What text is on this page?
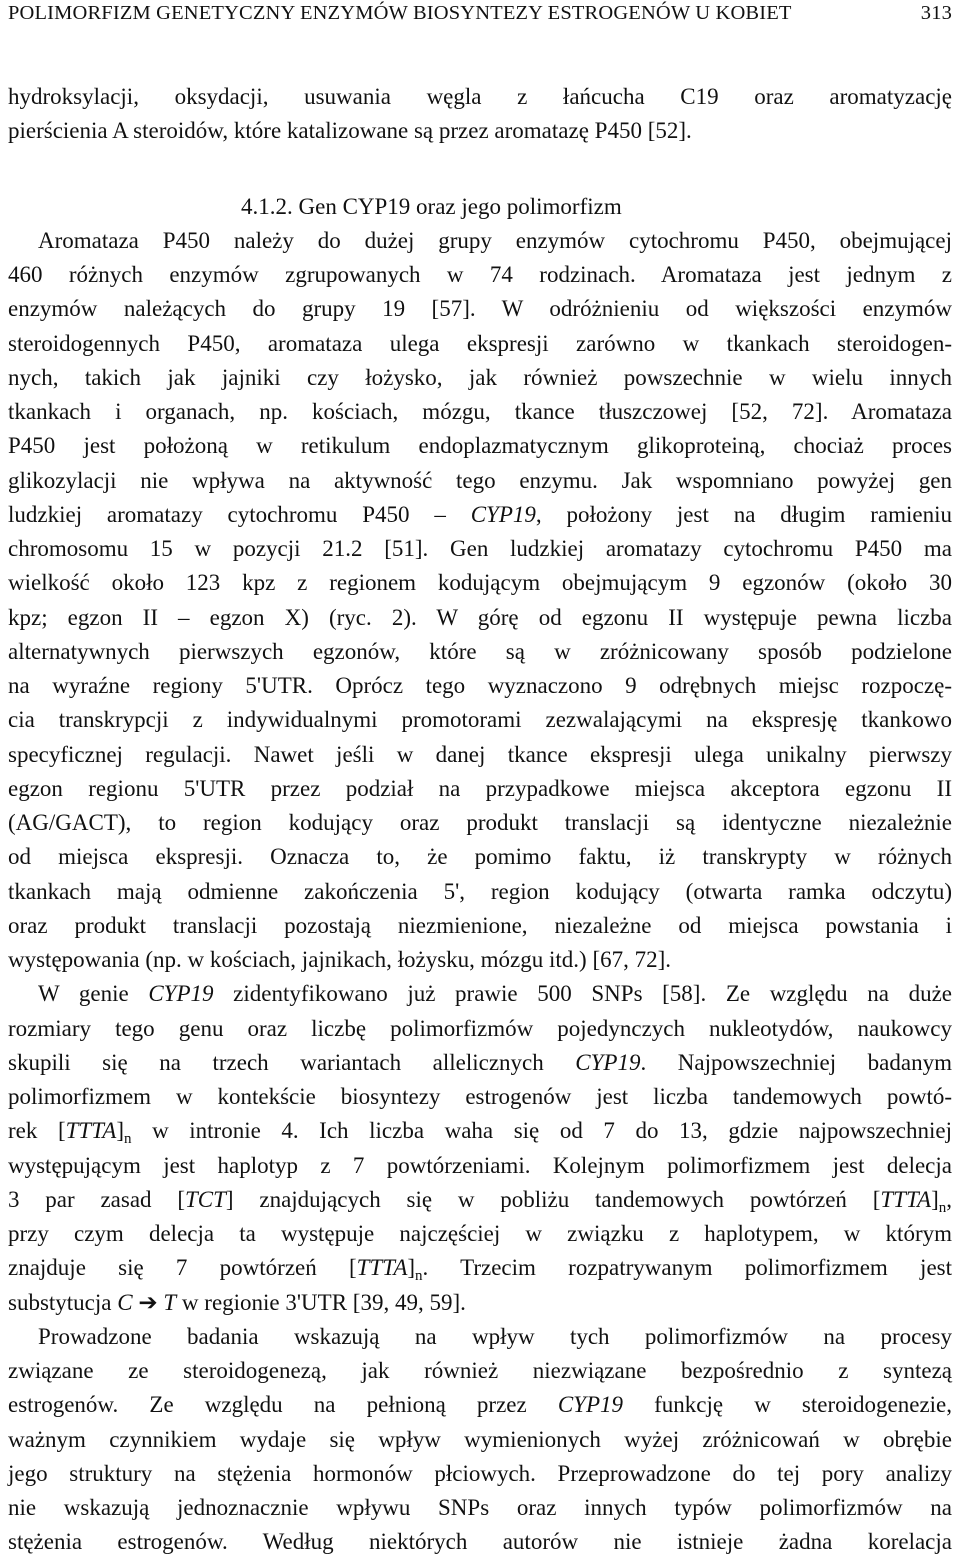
POLIMORFIZM GENETYCZNY ENZYMÓW BIOSYNTEZY ESTROGENÓW U KOBIET	313
hydroksylacji, oksydacji, usuwania węgla z łańcucha C19 oraz aromatyzację
pierścienia A steroidów, które katalizowane są przez aromatazę P450 [52].
4.1.2. Gen CYP19 oraz jego polimorfizm
Aromataza P450 należy do dużej grupy enzymów cytochromu P450, obejmującej
460 różnych enzymów zgrupowanych w 74 rodzinach. Aromataza jest jednym z
enzymów należących do grupy 19 [57]. W odróżnieniu od większości enzymów
steroidogennych P450, aromataza ulega ekspresji zarówno w tkankach steroidogen-
nych, takich jak jajniki czy łożysko, jak również powszechnie w wielu innych
tkankach i organach, np. kościach, mózgu, tkance tłuszczowej [52, 72]. Aromataza
P450 jest położoną w retikulum endoplazmatycznym glikoproteiną, chociaż proces
glikozylacji nie wpływa na aktywność tego enzymu. Jak wspomniano powyżej gen
ludzkiej aromatazy cytochromu P450 – CYP19, położony jest na długim ramieniu
chromosomu 15 w pozycji 21.2 [51]. Gen ludzkiej aromatazy cytochromu P450 ma
wielkość około 123 kpz z regionem kodującym obejmującym 9 egzonów (około 30
kpz; egzon II – egzon X) (ryc. 2). W górę od egzonu II występuje pewna liczba
alternatywnych pierwszych egzonów, które są w zróżnicowany sposób podzielone
na wyraźne regiony 5'UTR. Oprócz tego wyznaczono 9 odrębnych miejsc rozpoczę-
cia transkrypcji z indywidualnymi promotorami zezwalającymi na ekspresję tkankowo
specyficznej regulacji. Nawet jeśli w danej tkance ekspresji ulega unikalny pierwszy
egzon regionu 5'UTR przez podział na przypadkowe miejsca akceptora egzonu II
(AG/GACT), to region kodujący oraz produkt translacji są identyczne niezależnie
od miejsca ekspresji. Oznacza to, że pomimo faktu, iż transkrypty w różnych
tkankach mają odmienne zakończenia 5', region kodujący (otwarta ramka odczytu)
oraz produkt translacji pozostają niezmienione, niezależne od miejsca powstania i
występowania (np. w kościach, jajnikach, łożysku, mózgu itd.) [67, 72].
W genie CYP19 zidentyfikowano już prawie 500 SNPs [58]. Ze względu na duże
rozmiary tego genu oraz liczbę polimorfizmów pojedynczych nukleotydów, naukowcy
skupili się na trzech wariantach allelicznych CYP19. Najpowszechniej badanym
polimorfizmem w kontekście biosyntezy estrogenów jest liczba tandemowych powtó-
rek $[TTTA]_n$ w intronie 4. Ich liczba waha się od 7 do 13, gdzie najpowszechniej
występującym jest haplotyp z 7 powtórzeniami. Kolejnym polimorfizmem jest delecja
3 par zasad [TCT] znajdujących się w pobliżu tandemowych powtórzeń $[TTTA]_n$,
przy czym delecja ta występuje najczęściej w związku z haplotypem, w którym
znajduje się 7 powtórzeń $[TTTA]_n$. Trzecim rozpatrywanym polimorfizmem jest
substytucja C ➔ T w regionie 3'UTR [39, 49, 59].
Prowadzone badania wskazują na wpływ tych polimorfizmów na procesy
związane ze steroidogenezą, jak również niezwiązane bezpośrednio z syntezą
estrogenów. Ze względu na pełnioną przez CYP19 funkcję w steroidogenezie,
ważnym czynnikiem wydaje się wpływ wymienionych wyżej zróżnicowań w obrębie
jego struktury na stężenia hormonów płciowych. Przeprowadzone do tej pory analizy
nie wskazują jednoznacznie wpływu SNPs oraz innych typów polimorfizmów na
stężenia estrogenów. Według niektórych autorów nie istnieje żadna korelacja
